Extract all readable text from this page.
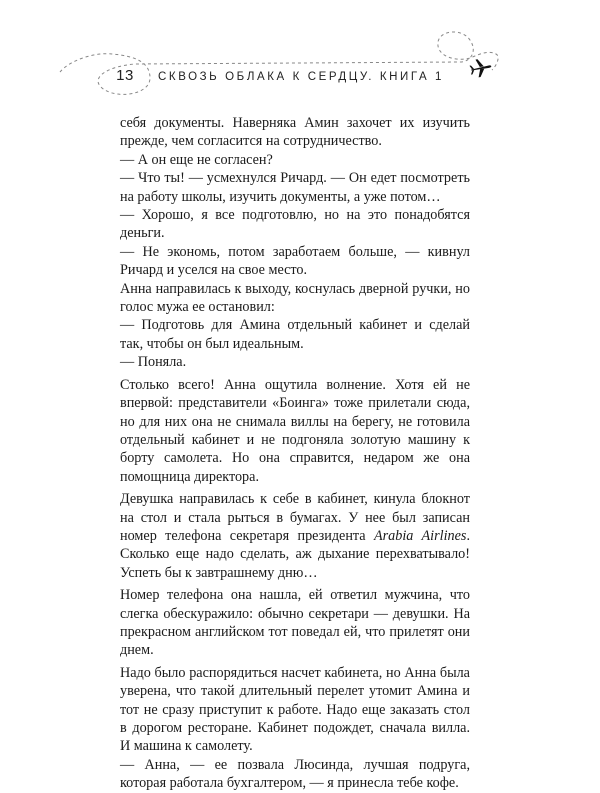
13	СКВОЗЬ ОБЛАКА К СЕРДЦУ. КНИГА 1

себя документы. Наверняка Амин захочет их изучить прежде, чем согласится на сотрудничество.

— А он еще не согласен?

— Что ты! — усмехнулся Ричард. — Он едет посмотреть на работу школы, изучить документы, а уже потом…

— Хорошо, я все подготовлю, но на это понадобятся деньги.

— Не экономь, потом заработаем больше, — кивнул Ричард и уселся на свое место.

Анна направилась к выходу, коснулась дверной ручки, но голос мужа ее остановил:

— Подготовь для Амина отдельный кабинет и сделай так, чтобы он был идеальным.

— Поняла.

Столько всего! Анна ощутила волнение. Хотя ей не впервой: представители «Боинга» тоже прилетали сюда, но для них она не снимала виллы на берегу, не готовила отдельный кабинет и не подгоняла золотую машину к борту самолета. Но она справится, недаром же она помощница директора.

Девушка направилась к себе в кабинет, кинула блокнот на стол и стала рыться в бумагах. У нее был записан номер телефона секретаря президента Arabia Airlines. Сколько еще надо сделать, аж дыхание перехватывало! Успеть бы к завтрашнему дню…

Номер телефона она нашла, ей ответил мужчина, что слегка обескуражило: обычно секретари — девушки. На прекрасном английском тот поведал ей, что прилетят они днем.

Надо было распорядиться насчет кабинета, но Анна была уверена, что такой длительный перелет утомит Амина и тот не сразу приступит к работе. Надо еще заказать стол в дорогом ресторане. Кабинет подождет, сначала вилла. И машина к самолету.

— Анна, — ее позвала Люсинда, лучшая подруга, которая работала бухгалтером, — я принесла тебе кофе.
